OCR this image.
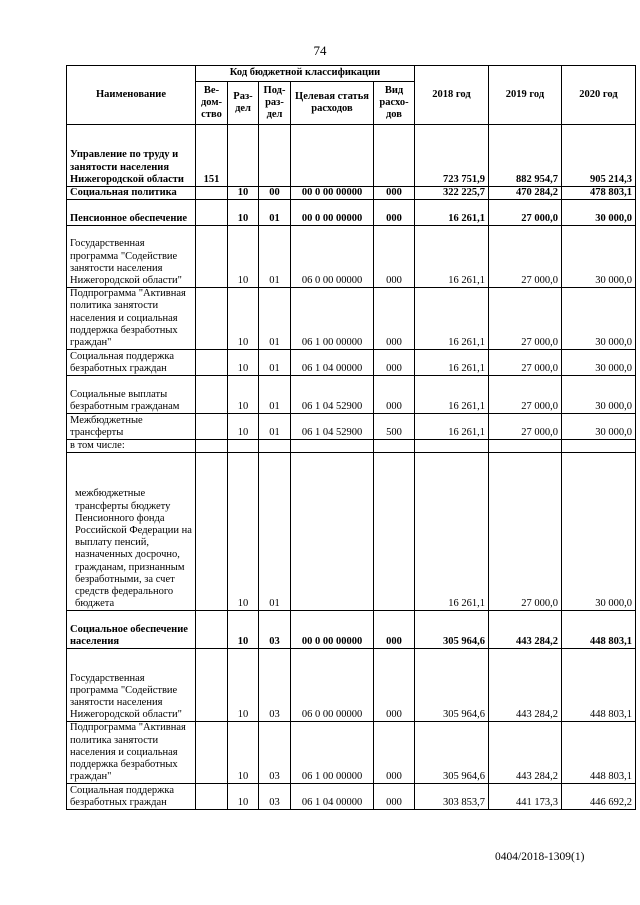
74
Наименование	Код бюджетной классификации					2018 год	2019 год	2020 год
	Ве-дом-ство	Раз-дел	Под-раз-дел	Целевая статья расходов	Вид расхо-дов			
Управление по труду и занятости населения Нижегородской области	151					723 751,9	882 954,7	905 214,3
Социальная политика		10	00	00 0 00 00000	000	322 225,7	470 284,2	478 803,1
Пенсионное обеспечение		10	01	00 0 00 00000	000	16 261,1	27 000,0	30 000,0
Государственная программа "Содействие занятости населения Нижегородской области"		10	01	06 0 00 00000	000	16 261,1	27 000,0	30 000,0
Подпрограмма "Активная политика занятости населения и социальная поддержка безработных граждан"		10	01	06 1 00 00000	000	16 261,1	27 000,0	30 000,0
Социальная поддержка безработных граждан		10	01	06 1 04 00000	000	16 261,1	27 000,0	30 000,0
Социальные выплаты безработным гражданам		10	01	06 1 04 52900	000	16 261,1	27 000,0	30 000,0
Межбюджетные трансферты		10	01	06 1 04 52900	500	16 261,1	27 000,0	30 000,0
в том числе:								
межбюджетные трансферты бюджету Пенсионного фонда Российской Федерации на выплату пенсий, назначенных досрочно, гражданам, признанным безработными, за счет средств федерального бюджета		10	01			16 261,1	27 000,0	30 000,0
Социальное обеспечение населения		10	03	00 0 00 00000	000	305 964,6	443 284,2	448 803,1
Государственная программа "Содействие занятости населения Нижегородской области"		10	03	06 0 00 00000	000	305 964,6	443 284,2	448 803,1
Подпрограмма "Активная политика занятости населения и социальная поддержка безработных граждан"		10	03	06 1 00 00000	000	305 964,6	443 284,2	448 803,1
Социальная поддержка безработных граждан		10	03	06 1 04 00000	000	303 853,7	441 173,3	446 692,2
0404/2018-1309(1)
